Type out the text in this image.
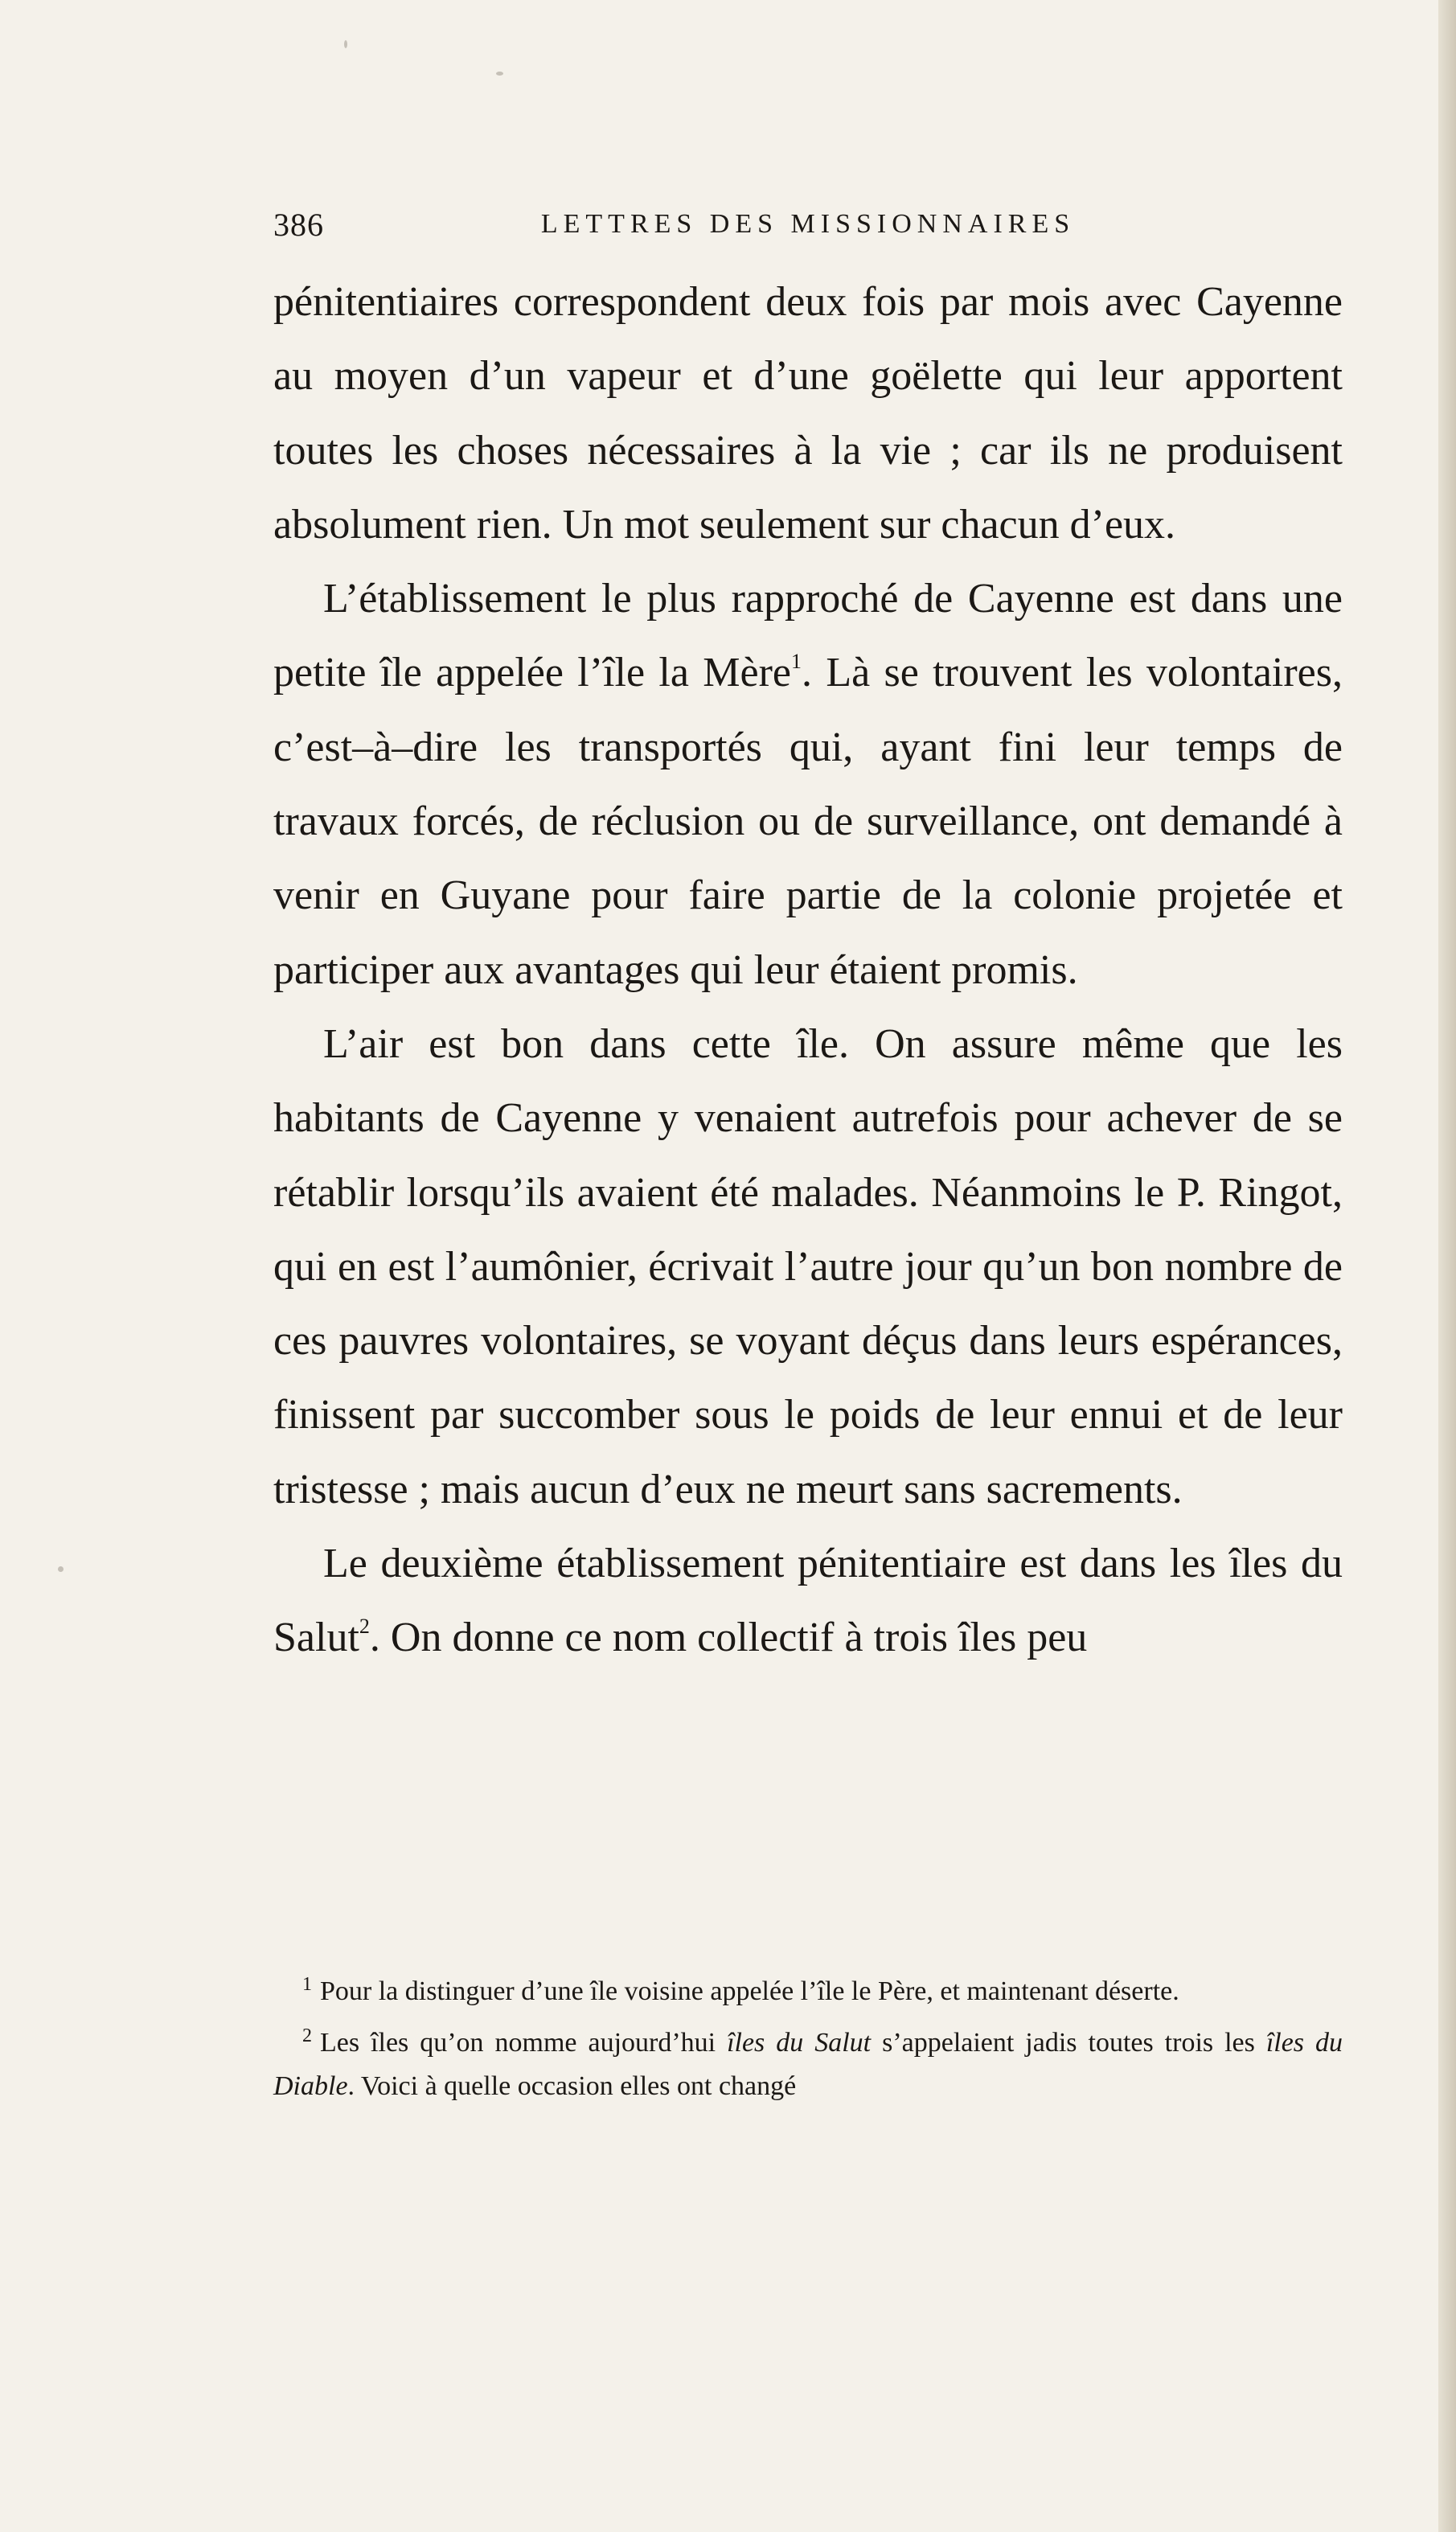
386	LETTRES DES MISSIONNAIRES

pénitentiaires correspondent deux fois par mois avec Cayenne au moyen d’un vapeur et d’une goëlette qui leur apportent toutes les choses nécessaires à la vie ; car ils ne produisent absolument rien. Un mot seulement sur chacun d’eux.

L’établissement le plus rapproché de Cayenne est dans une petite île appelée l’île la Mère$^1$. Là se trouvent les volontaires, c’est–à–dire les transportés qui, ayant fini leur temps de travaux forcés, de réclusion ou de surveillance, ont demandé à venir en Guyane pour faire partie de la colonie projetée et participer aux avantages qui leur étaient promis.

L’air est bon dans cette île. On assure même que les habitants de Cayenne y venaient autrefois pour achever de se rétablir lorsqu’ils avaient été malades. Néanmoins le P. Ringot, qui en est l’aumônier, écrivait l’autre jour qu’un bon nombre de ces pauvres volontaires, se voyant déçus dans leurs espérances, finissent par succomber sous le poids de leur ennui et de leur tristesse ; mais aucun d’eux ne meurt sans sacrements.

Le deuxième établissement pénitentiaire est dans les îles du Salut$^2$. On donne ce nom collectif à trois îles peu

$^1$ Pour la distinguer d’une île voisine appelée l’île le Père, et maintenant déserte.

$^2$ Les îles qu’on nomme aujourd’hui îles du Salut s’appelaient jadis toutes trois les îles du Diable. Voici à quelle occasion elles ont changé
